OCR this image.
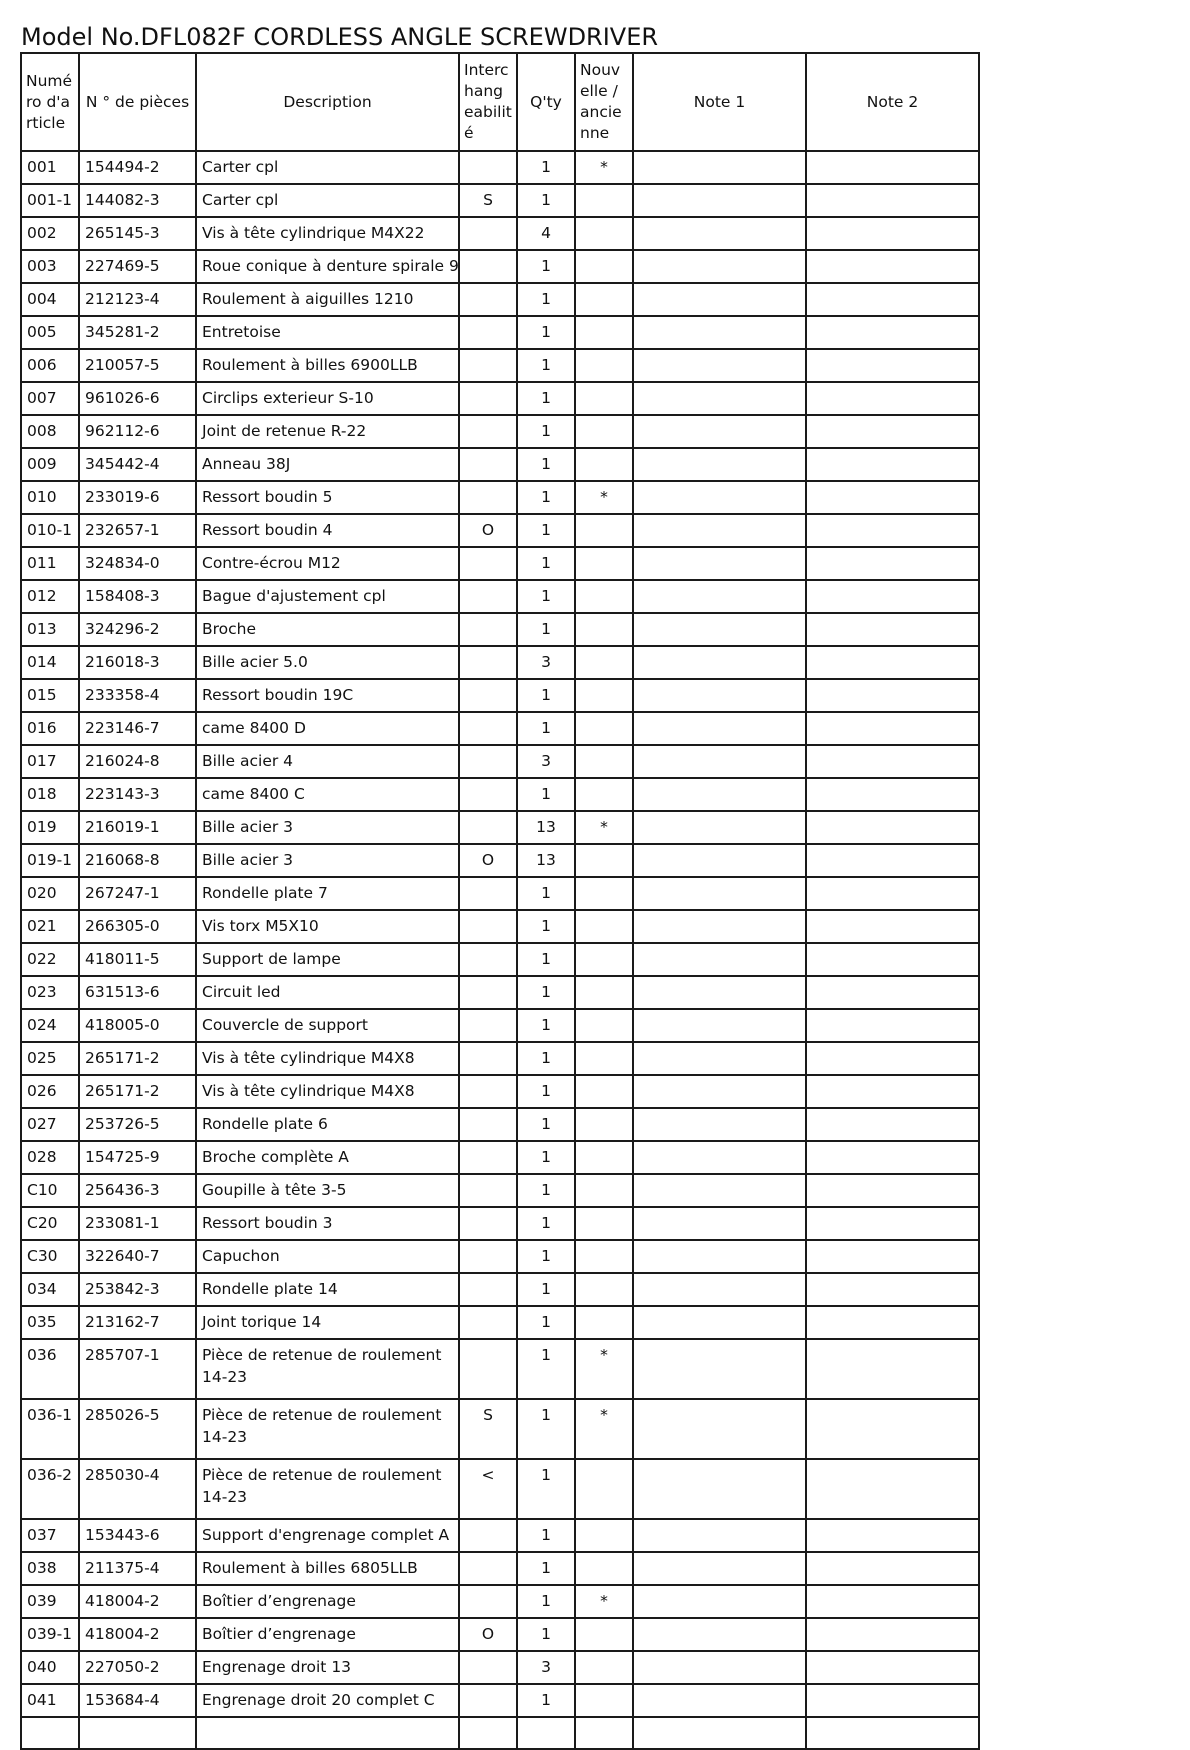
Model No.DFL082F CORDLESS ANGLE SCREWDRIVER
Numé ro d'a rticle	N ° de pièces	Description	Interc hang eabilit é	Q'ty	Nouv elle / ancie nne	Note 1	Note 2
001	154494-2	Carter cpl		1	*		
001-1	144082-3	Carter cpl	S	1			
002	265145-3	Vis à tête cylindrique M4X22		4			
003	227469-5	Roue conique à denture spirale 9		1			
004	212123-4	Roulement à aiguilles 1210		1			
005	345281-2	Entretoise		1			
006	210057-5	Roulement à billes 6900LLB		1			
007	961026-6	Circlips exterieur S-10		1			
008	962112-6	Joint de retenue R-22		1			
009	345442-4	Anneau 38J		1			
010	233019-6	Ressort boudin 5		1	*		
010-1	232657-1	Ressort boudin 4	O	1			
011	324834-0	Contre-écrou M12		1			
012	158408-3	Bague d'ajustement cpl		1			
013	324296-2	Broche		1			
014	216018-3	Bille acier 5.0		3			
015	233358-4	Ressort boudin 19C		1			
016	223146-7	came 8400 D		1			
017	216024-8	Bille acier 4		3			
018	223143-3	came 8400 C		1			
019	216019-1	Bille acier 3		13	*		
019-1	216068-8	Bille acier 3	O	13			
020	267247-1	Rondelle plate 7		1			
021	266305-0	Vis torx M5X10		1			
022	418011-5	Support de lampe		1			
023	631513-6	Circuit led		1			
024	418005-0	Couvercle de support		1			
025	265171-2	Vis à tête cylindrique M4X8		1			
026	265171-2	Vis à tête cylindrique M4X8		1			
027	253726-5	Rondelle plate 6		1			
028	154725-9	Broche complète A		1			
C10	256436-3	Goupille à tête 3-5		1			
C20	233081-1	Ressort boudin 3		1			
C30	322640-7	Capuchon		1			
034	253842-3	Rondelle plate 14		1			
035	213162-7	Joint torique 14		1			
036	285707-1	Pièce de retenue de roulement 14-23		1	*		
036-1	285026-5	Pièce de retenue de roulement 14-23	S	1	*		
036-2	285030-4	Pièce de retenue de roulement 14-23	<	1			
037	153443-6	Support d'engrenage complet A		1			
038	211375-4	Roulement à billes 6805LLB		1			
039	418004-2	Boîtier d’engrenage		1	*		
039-1	418004-2	Boîtier d’engrenage	O	1			
040	227050-2	Engrenage droit 13		3			
041	153684-4	Engrenage droit 20 complet C		1			
